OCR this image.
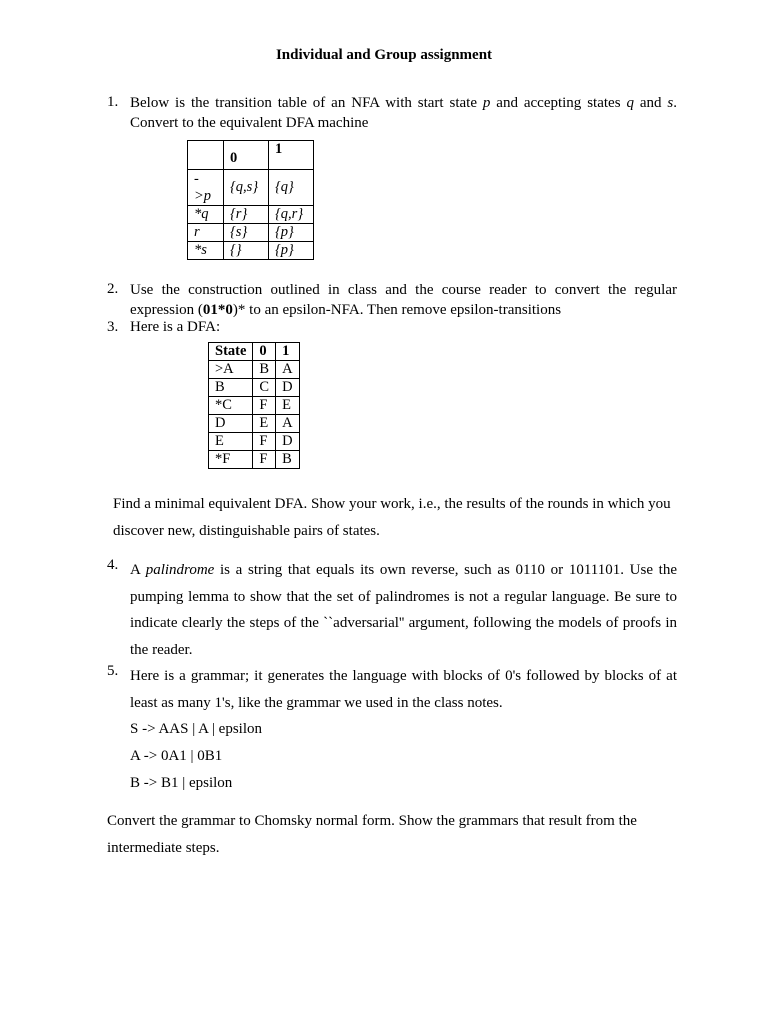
Individual and Group assignment
1. Below is the transition table of an NFA with start state p and accepting states q and s. Convert to the equivalent DFA machine
	0	1
-
>p	{q,s}	{q}
*q	{r}	{q,r}
r	{s}	{p}
*s	{}	{p}
2. Use the construction outlined in class and the course reader to convert the regular expression (01*0)* to an epsilon-NFA. Then remove epsilon-transitions
3. Here is a DFA:
State	0	1
>A	B	A
B	C	D
*C	F	E
D	E	A
E	F	D
*F	F	B
Find a minimal equivalent DFA. Show your work, i.e., the results of the rounds in which you discover new, distinguishable pairs of states.
4. A palindrome is a string that equals its own reverse, such as 0110 or 1011101. Use the pumping lemma to show that the set of palindromes is not a regular language. Be sure to indicate clearly the steps of the ``adversarial'' argument, following the models of proofs in the reader.
5. Here is a grammar; it generates the language with blocks of 0's followed by blocks of at least as many 1's, like the grammar we used in the class notes.
S -> AAS | A | epsilon
A -> 0A1 | 0B1
B -> B1 | epsilon
Convert the grammar to Chomsky normal form. Show the grammars that result from the intermediate steps.
